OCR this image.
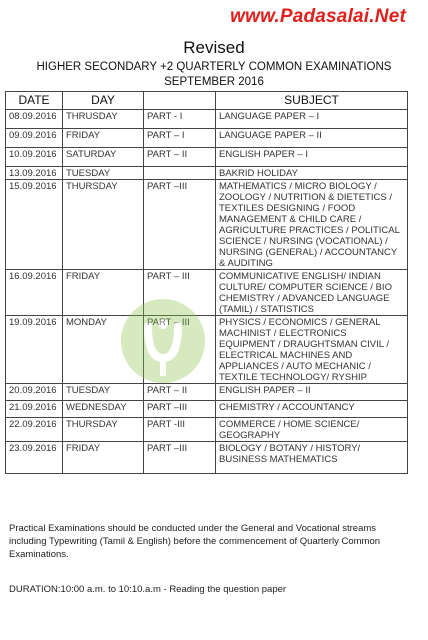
www.Padasalai.Net
Revised
HIGHER SECONDARY +2 QUARTERLY COMMON EXAMINATIONS
SEPTEMBER 2016
DATE	DAY		SUBJECT
08.09.2016	THRUSDAY	PART - I	LANGUAGE PAPER – I
09.09.2016	FRIDAY	PART – I	LANGUAGE PAPER – II
10.09.2016	SATURDAY	PART – II	ENGLISH PAPER – I
13.09.2016	TUESDAY		BAKRID HOLIDAY
15.09.2016	THURSDAY	PART –III	MATHEMATICS / MICRO BIOLOGY / ZOOLOGY / NUTRITION & DIETETICS / TEXTILES DESIGNING / FOOD MANAGEMENT & CHILD CARE / AGRICULTURE PRACTICES / POLITICAL SCIENCE / NURSING (VOCATIONAL) / NURSING (GENERAL) / ACCOUNTANCY & AUDITING
16.09.2016	FRIDAY	PART – III	COMMUNICATIVE ENGLISH/ INDIAN CULTURE/ COMPUTER SCIENCE / BIO CHEMISTRY / ADVANCED LANGUAGE (TAMIL) / STATISTICS
19.09.2016	MONDAY	PART – III	PHYSICS / ECONOMICS / GENERAL MACHINIST / ELECTRONICS EQUIPMENT / DRAUGHTSMAN CIVIL / ELECTRICAL MACHINES AND APPLIANCES / AUTO MECHANIC / TEXTILE TECHNOLOGY/ RYSHIP
20.09.2016	TUESDAY	PART – II	ENGLISH PAPER – II
21.09.2016	WEDNESDAY	PART –III	CHEMISTRY / ACCOUNTANCY
22.09.2016	THURSDAY	PART -III	COMMERCE / HOME SCIENCE/ GEOGRAPHY
23.09.2016	FRIDAY	PART –III	BIOLOGY / BOTANY / HISTORY/ BUSINESS MATHEMATICS
Practical Examinations should be conducted under the General and Vocational streams including Typewriting (Tamil & English) before the commencement of Quarterly Common Examinations.
DURATION:10:00 a.m. to 10:10.a.m - Reading the question paper
